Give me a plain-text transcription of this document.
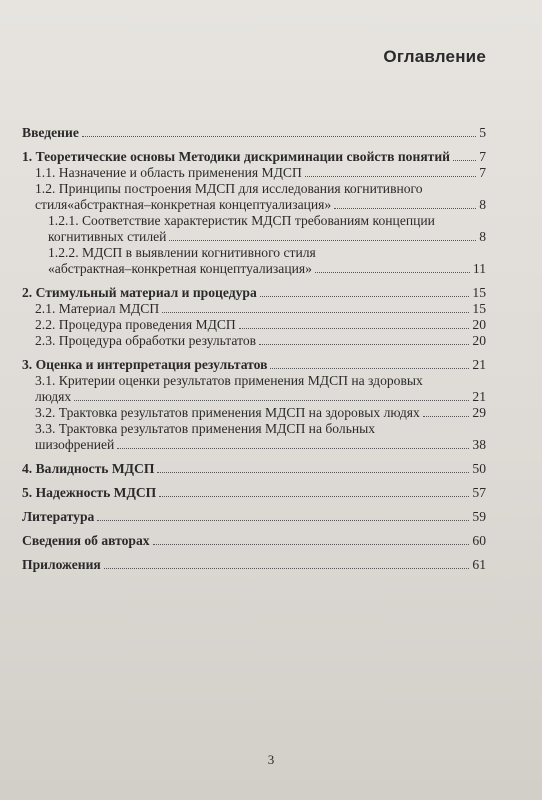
Оглавление
Введение	5
1. Теоретические основы Методики дискриминации свойств понятий 7
1.1. Назначение и область применения МДСП	7
1.2. Принципы построения МДСП для исследования когнитивного
стиля«абстрактная–конкретная концептуализация»	8
1.2.1. Соответствие характеристик МДСП требованиям концепции
когнитивных стилей	8
1.2.2. МДСП в выявлении когнитивного стиля
«абстрактная–конкретная концептуализация»	11
2. Стимульный материал и процедура	15
2.1. Материал МДСП	15
2.2. Процедура проведения МДСП	20
2.3. Процедура обработки результатов	20
3. Оценка и интерпретация результатов	21
3.1. Критерии оценки результатов применения МДСП на здоровых
людях	21
3.2. Трактовка результатов применения МДСП на здоровых людях	29
3.3. Трактовка результатов применения МДСП на больных
шизофренией	38
4. Валидность МДСП	50
5. Надежность МДСП	57
Литература	59
Сведения об авторах	60
Приложения	61
3
